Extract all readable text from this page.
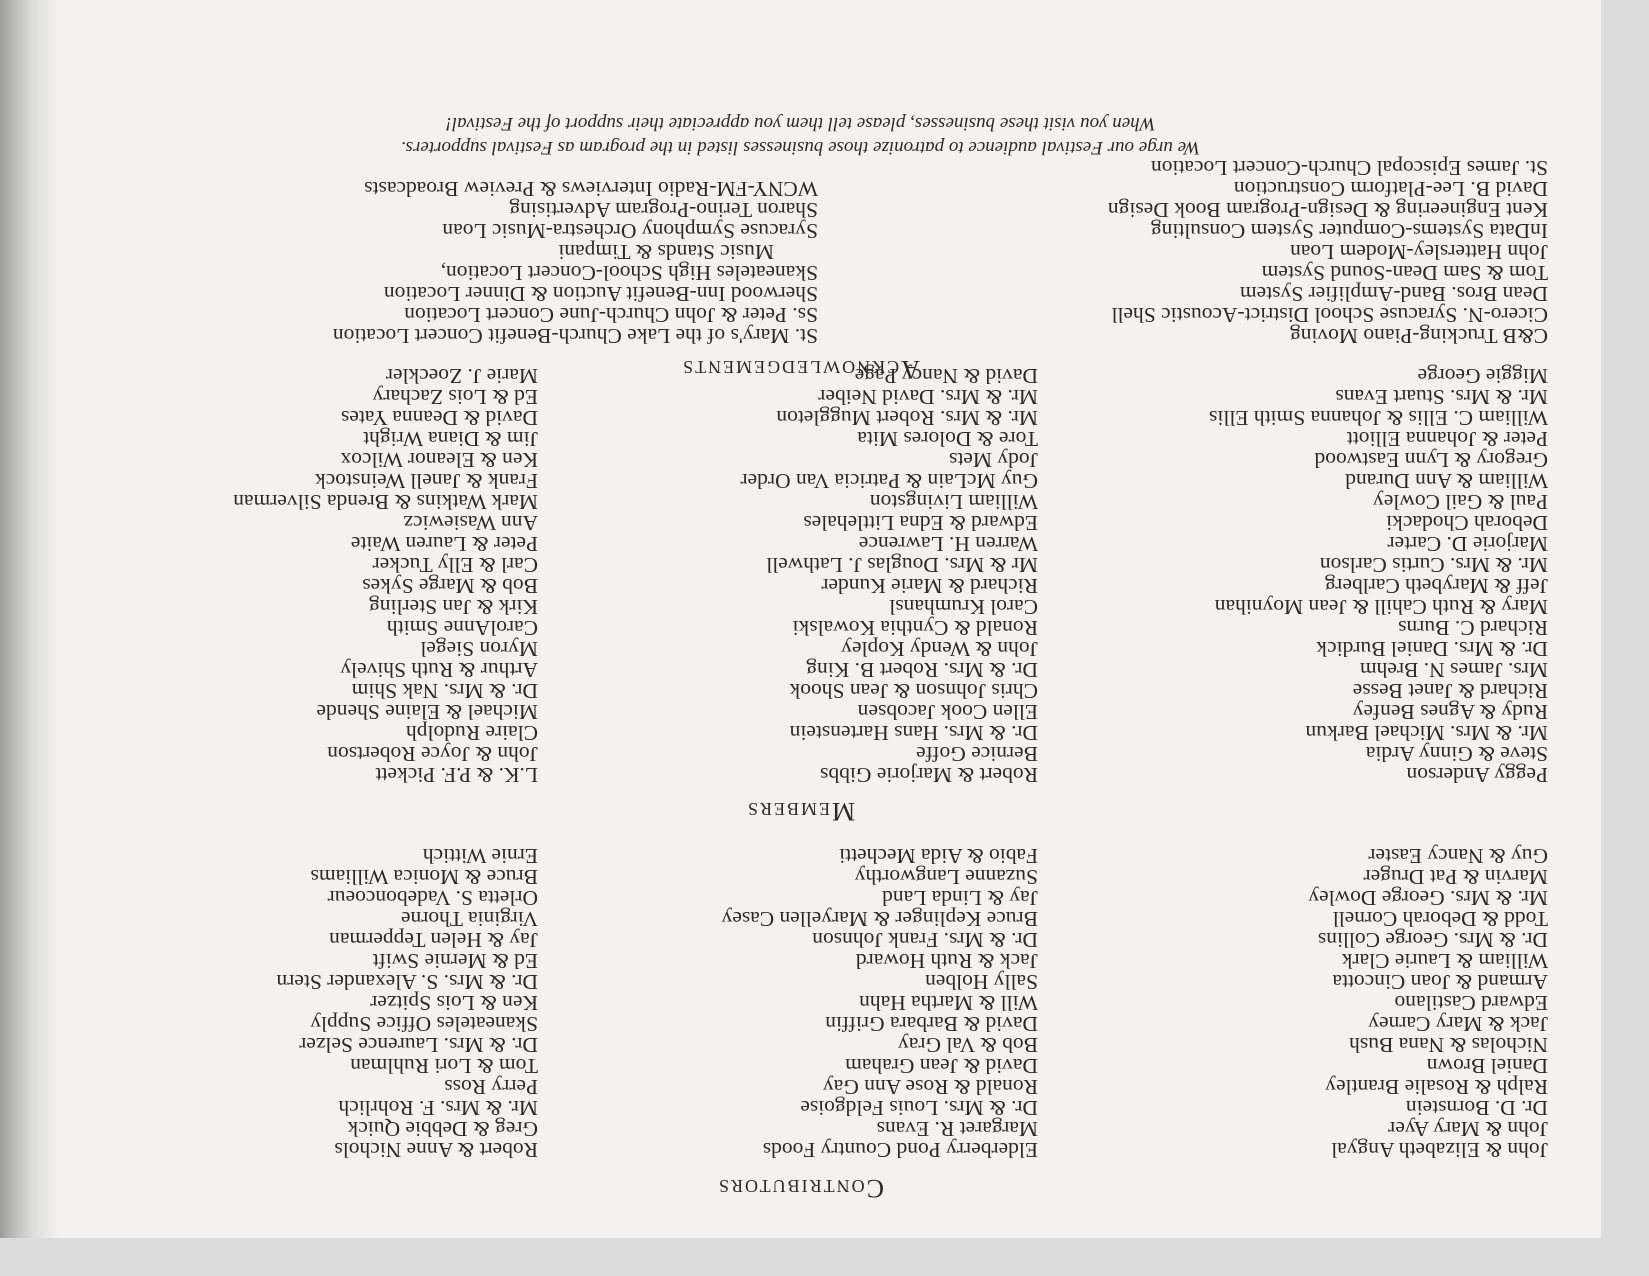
Contributors
John & Elizabeth Angyal
John & Mary Ayer
Dr. D. Bornstein
Ralph & Rosalie Brantley
Daniel Brown
Nicholas & Nana Bush
Jack & Mary Carney
Edward Castilano
Armand & Joan Cincotta
William & Laurie Clark
Dr. & Mrs. George Collins
Todd & Deborah Cornell
Mr. & Mrs. George Dowley
Marvin & Pat Druger
Guy & Nancy Easter
Elderberry Pond Country Foods
Margaret R. Evans
Dr. & Mrs. Louis Feldgoise
Ronald & Rose Ann Gay
David & Jean Graham
Bob & Val Gray
David & Barbara Griffin
Will & Martha Hahn
Sally Holben
Jack & Ruth Howard
Dr. & Mrs. Frank Johnson
Bruce Keplinger & Maryellen Casey
Jay & Linda Land
Suzanne Langworthy
Fabio & Aida Mechetti
Robert & Anne Nichols
Greg & Debbie Quick
Mr. & Mrs. F. Rohrlich
Perry Ross
Tom & Lori Ruhlman
Dr. & Mrs. Laurence Selzer
Skaneateles Office Supply
Ken & Lois Spitzer
Dr. & Mrs. S. Alexander Stern
Ed & Mernie Swift
Jay & Helen Tepperman
Virginia Thorne
Orletta S. Vadeboncoeur
Bruce & Monica Williams
Ernie Wittich
Members
Peggy Anderson
Steve & Ginny Ardia
Mr. & Mrs. Michael Barkun
Rudy & Agnes Benfey
Richard & Janet Besse
Mrs. James N. Brehm
Dr. & Mrs. Daniel Burdick
Richard C. Burns
Mary & Ruth Cahill & Jean Moynihan
Jeff & Marybeth Carlberg
Mr. & Mrs. Curtis Carlson
Marjorie D. Carter
Deborah Chodacki
Paul & Gail Cowley
William & Ann Durand
Gregory & Lynn Eastwood
Peter & Johanna Elliott
William C. Ellis & Johanna Smith Ellis
Mr. & Mrs. Stuart Evans
Miggie George
Robert & Marjorie Gibbs
Bernice Goffe
Dr. & Mrs. Hans Hartenstein
Ellen Cook Jacobsen
Chris Johnson & Jean Shook
Dr. & Mrs. Robert B. King
John & Wendy Kopley
Ronald & Cynthia Kowalski
Carol Krumhansl
Richard & Marie Kunder
Mr & Mrs. Douglas J. Lathwell
Warren H. Lawrence
Edward & Edna Littlehales
William Livingston
Guy McLain & Patricia Van Order
Jody Mets
Tore & Dolores Mita
Mr. & Mrs. Robert Muggleton
Mr. & Mrs. David Neiber
David & Nancy Page
L.K. & P.F. Pickett
John & Joyce Robertson
Claire Rudolph
Michael & Elaine Shende
Dr. & Mrs. Nak Shim
Arthur & Ruth Shively
Myron Siegel
CarolAnne Smith
Kirk & Jan Sterling
Bob & Marge Sykes
Carl & Elly Tucker
Peter & Lauren Waite
Ann Wasiewicz
Mark Watkins & Brenda Silverman
Frank & Janell Weinstock
Ken & Eleanor Wilcox
Jim & Diana Wright
David & Deanna Yates
Ed & Lois Zachary
Marie J. Zoeckler	Acknowledgements
C&B Trucking-Piano Moving
Cicero-N. Syracuse School District-Acoustic Shell
Dean Bros. Band-Amplifier System
Tom & Sam Dean-Sound System
John Hattersley-Modem Loan
InData Systems-Computer System Consulting
Kent Engineering & Design-Program Book Design
David B. Lee-Platform Construction
St. James Episcopal Church-Concert Location
St. Mary's of the Lake Church-Benefit Concert Location
Ss. Peter & John Church-June Concert Location
Sherwood Inn-Benefit Auction & Dinner Location
Skaneateles High School-Concert Location,
Music Stands & Timpani
Syracuse Symphony Orchestra-Music Loan
Sharon Terino-Program Advertising
WCNY-FM-Radio Interviews & Preview Broadcasts

We urge our Festival audience to patronize those businesses listed in the program as Festival supporters.

When you visit these businesses, please tell them you appreciate their support of the Festival!
